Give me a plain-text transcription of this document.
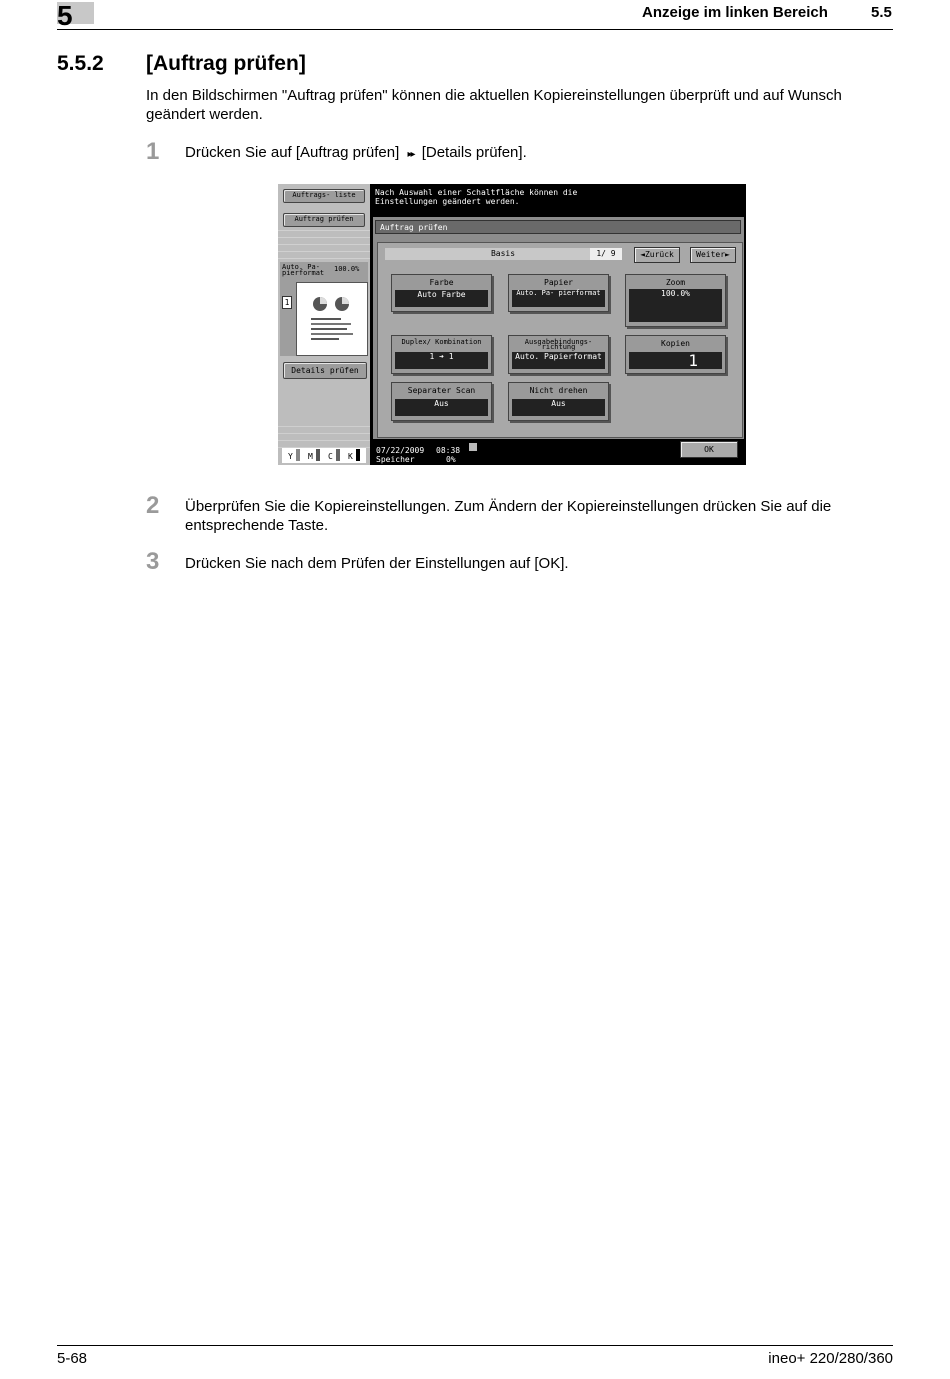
5	Anzeige im linken Bereich	5.5
5.5.2 [Auftrag prüfen]
In den Bildschirmen "Auftrag prüfen" können die aktuellen Kopiereinstellungen überprüft und auf Wunsch geändert werden.
1 Drücken Sie auf [Auftrag prüfen] ▸▸ [Details prüfen].
Auftrags- liste
Auftrag prüfen
Auto. Pa- pierformat	100.0%
1
Details prüfen
Y M C K
Nach Auswahl einer Schaltfläche können die Einstellungen geändert werden.
Auftrag prüfen
Basis	1/ 9	◄Zurück	Weiter►
Farbe
Auto Farbe
Papier
Auto. Pa- pierformat
Zoom
100.0%
Duplex/ Kombination
1 ➔ 1
Ausgabebindungs- richtung
Auto. Papierformat
Kopien
1
Separater Scan
Aus
Nicht drehen
Aus
07/22/2009 08:38
Speicher	0%
OK
2 Überprüfen Sie die Kopiereinstellungen. Zum Ändern der Kopiereinstellungen drücken Sie auf die entsprechende Taste.
3 Drücken Sie nach dem Prüfen der Einstellungen auf [OK].
5-68	ineo+ 220/280/360
